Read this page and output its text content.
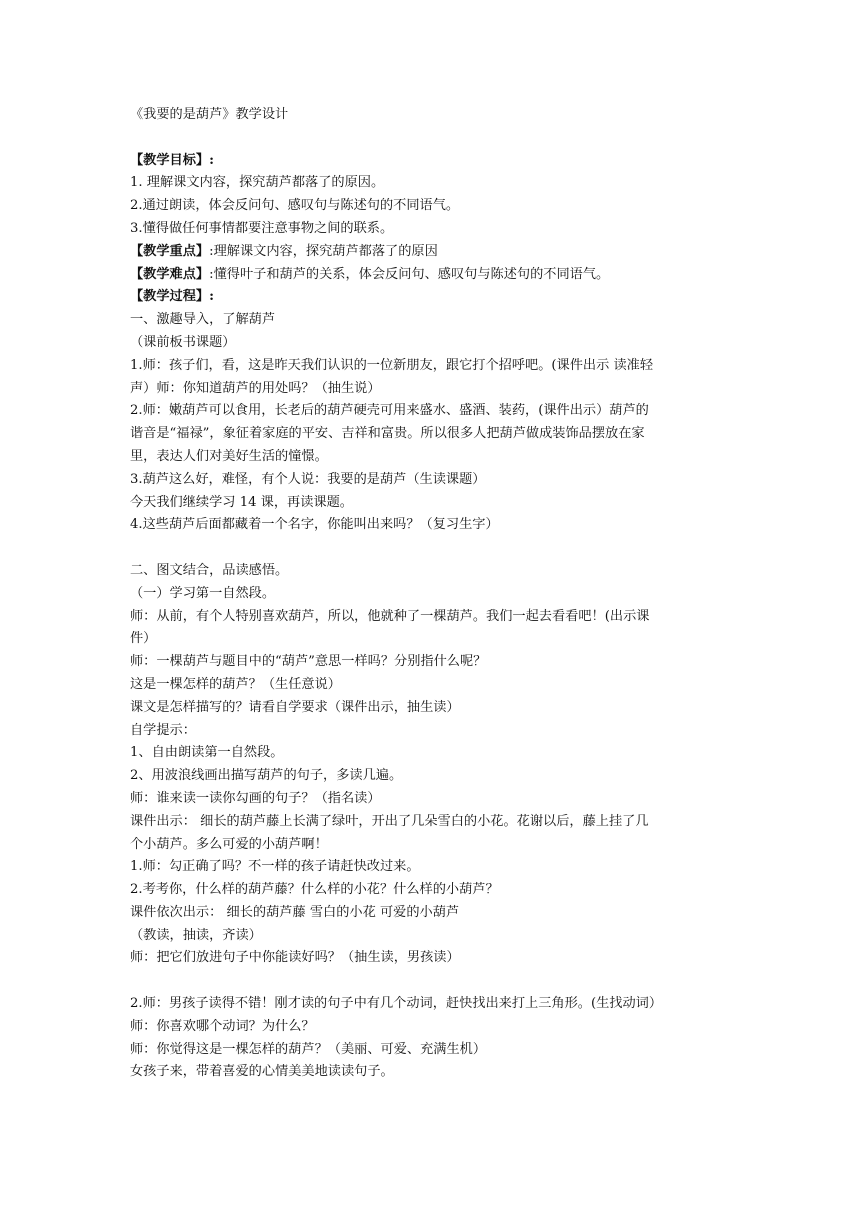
《我要的是葫芦》教学设计
【教学目标】:
1. 理解课文内容，探究葫芦都落了的原因。
2.通过朗读，体会反问句、感叹句与陈述句的不同语气。
3.懂得做任何事情都要注意事物之间的联系。
【教学重点】:理解课文内容，探究葫芦都落了的原因
【教学难点】:懂得叶子和葫芦的关系，体会反问句、感叹句与陈述句的不同语气。
【教学过程】:
一、激趣导入，了解葫芦
（课前板书课题）
1.师：孩子们，看，这是昨天我们认识的一位新朋友，跟它打个招呼吧。(课件出示 读准轻
声）师：你知道葫芦的用处吗？（抽生说）
2.师：嫩葫芦可以食用，长老后的葫芦硬壳可用来盛水、盛酒、装药，(课件出示）葫芦的
谐音是“福禄”，象征着家庭的平安、吉祥和富贵。所以很多人把葫芦做成装饰品摆放在家
里，表达人们对美好生活的憧憬。
3.葫芦这么好，难怪，有个人说：我要的是葫芦（生读课题）
今天我们继续学习 14 课，再读课题。
4.这些葫芦后面都藏着一个名字，你能叫出来吗？（复习生字）
二、图文结合，品读感悟。
（一）学习第一自然段。
师：从前，有个人特别喜欢葫芦，所以，他就种了一棵葫芦。我们一起去看看吧！(出示课
件）
师：一棵葫芦与题目中的“葫芦”意思一样吗？分别指什么呢？
这是一棵怎样的葫芦？（生任意说）
课文是怎样描写的？请看自学要求（课件出示，抽生读）
自学提示：
1、自由朗读第一自然段。
2、用波浪线画出描写葫芦的句子，多读几遍。
师：谁来读一读你勾画的句子？（指名读）
课件出示： 细长的葫芦藤上长满了绿叶，开出了几朵雪白的小花。花谢以后，藤上挂了几
个小葫芦。多么可爱的小葫芦啊！
1.师：勾正确了吗？不一样的孩子请赶快改过来。
2.考考你，什么样的葫芦藤？什么样的小花？什么样的小葫芦？
课件依次出示： 细长的葫芦藤 雪白的小花 可爱的小葫芦
（教读，抽读，齐读）
师：把它们放进句子中你能读好吗？（抽生读，男孩读）
2.师：男孩子读得不错！刚才读的句子中有几个动词，赶快找出来打上三角形。(生找动词）
师：你喜欢哪个动词？为什么？
师：你觉得这是一棵怎样的葫芦？（美丽、可爱、充满生机）
女孩子来，带着喜爱的心情美美地读读句子。
